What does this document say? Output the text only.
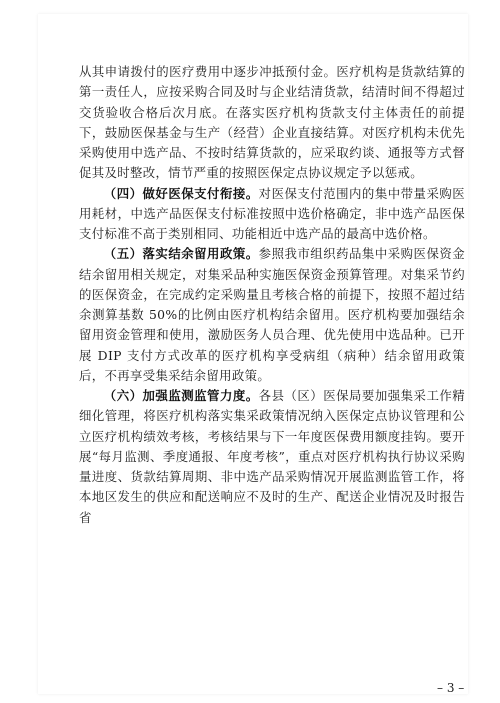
从其申请拨付的医疗费用中逐步冲抵预付金。医疗机构是货款结算的第一责任人，应按采购合同及时与企业结清货款，结清时间不得超过交货验收合格后次月底。在落实医疗机构货款支付主体责任的前提下，鼓励医保基金与生产（经营）企业直接结算。对医疗机构未优先采购使用中选产品、不按时结算货款的，应采取约谈、通报等方式督促其及时整改，情节严重的按照医保定点协议规定予以惩戒。

（四）做好医保支付衔接。对医保支付范围内的集中带量采购医用耗材，中选产品医保支付标准按照中选价格确定，非中选产品医保支付标准不高于类别相同、功能相近中选产品的最高中选价格。

（五）落实结余留用政策。参照我市组织药品集中采购医保资金结余留用相关规定，对集采品种实施医保资金预算管理。对集采节约的医保资金，在完成约定采购量且考核合格的前提下，按照不超过结余测算基数 50%的比例由医疗机构结余留用。医疗机构要加强结余留用资金管理和使用，激励医务人员合理、优先使用中选品种。已开展 DIP 支付方式改革的医疗机构享受病组（病种）结余留用政策后，不再享受集采结余留用政策。

（六）加强监测监管力度。各县（区）医保局要加强集采工作精细化管理，将医疗机构落实集采政策情况纳入医保定点协议管理和公立医疗机构绩效考核，考核结果与下一年度医保费用额度挂钩。要开展“每月监测、季度通报、年度考核”，重点对医疗机构执行协议采购量进度、货款结算周期、非中选产品采购情况开展监测监管工作，将本地区发生的供应和配送响应不及时的生产、配送企业情况及时报告省

– 3 –
